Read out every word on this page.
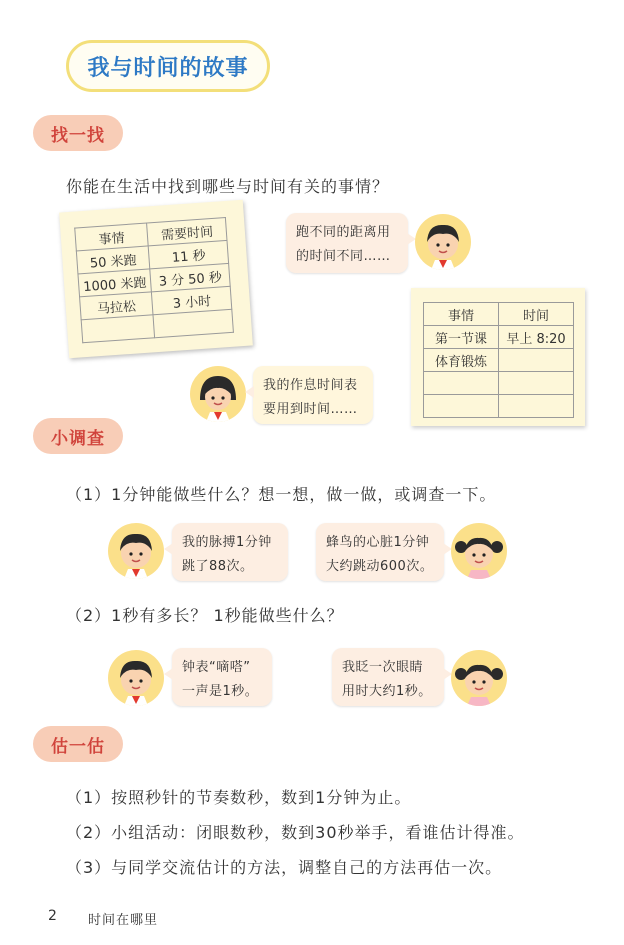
我与时间的故事
找一找
你能在生活中找到哪些与时间有关的事情？
事情	需要时间
50 米跑	11 秒
1000 米跑	3 分 50 秒
马拉松	3 小时

跑不同的距离用
的时间不同……
事情	时间
第一节课	早上 8:20
体育锻炼	

我的作息时间表
要用到时间……
小调查
（1）1分钟能做些什么？想一想，做一做，或调查一下。
我的脉搏1分钟
跳了88次。
蜂鸟的心脏1分钟
大约跳动600次。
（2）1秒有多长？ 1秒能做些什么？
钟表“嘀嗒”
一声是1秒。
我眨一次眼睛
用时大约1秒。
估一估
（1）按照秒针的节奏数秒，数到1分钟为止。
（2）小组活动：闭眼数秒，数到30秒举手，看谁估计得准。
（3）与同学交流估计的方法，调整自己的方法再估一次。
2 时间在哪里
